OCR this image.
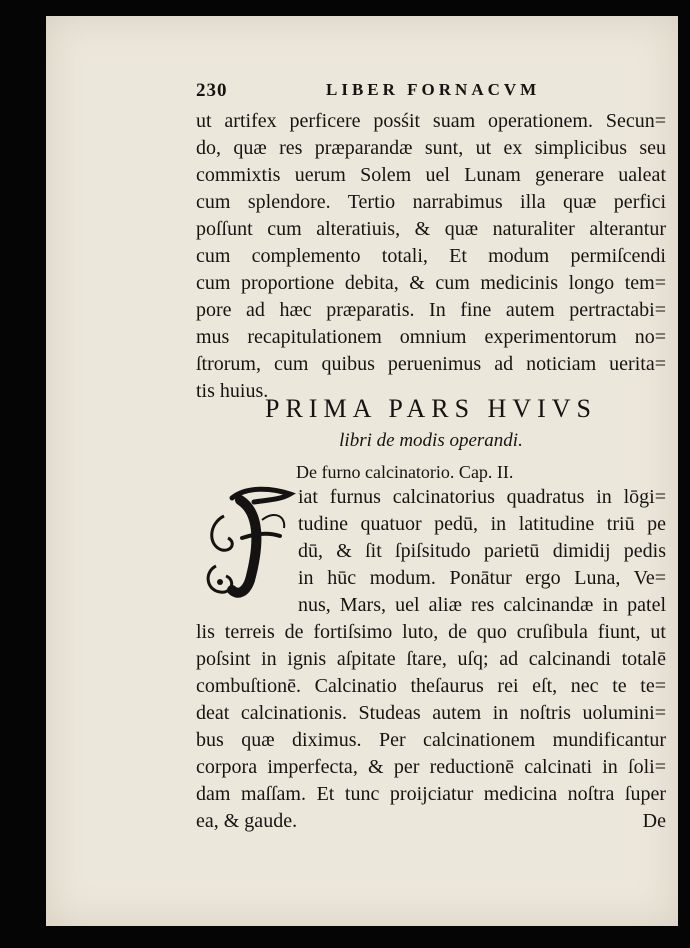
230	LIBER FORNACVM
ut artifex perficere posśit suam operationem. Secun=
do, quæ res præparandæ sunt, ut ex simplicibus seu
commixtis uerum Solem uel Lunam generare ualeat
cum splendore. Tertio narrabimus illa quæ perfici
poſſunt cum alteratiuis, & quæ naturaliter alterantur
cum complemento totali, Et modum permiſcendi
cum proportione debita, & cum medicinis longo tem=
pore ad hæc præparatis. In fine autem pertractabi=
mus recapitulationem omnium experimentorum no=
ſtrorum, cum quibus peruenimus ad noticiam uerita=
tis huius.
PRIMA PARS HVIVS
libri de modis operandi.
De furno calcinatorio. Cap. II.
iat furnus calcinatorius quadratus in lōgi=
tudine quatuor pedū, in latitudine triū pe
dū, & ſit ſpiſsitudo parietū dimidij pedis
in hūc modum. Ponātur ergo Luna, Ve=
nus, Mars, uel aliæ res calcinandæ in patel
lis terreis de fortiſsimo luto, de quo cruſibula fiunt, ut
poſsint in ignis aſpitate ſtare, uſq; ad calcinandi totalē
combuſtionē. Calcinatio theſaurus rei eſt, nec te te=
deat calcinationis. Studeas autem in noſtris uolumini=
bus quæ diximus. Per calcinationem mundificantur
corpora imperfecta, & per reductionē calcinati in ſoli=
dam maſſam. Et tunc proijciatur medicina noſtra ſuper
ea, & gaude.	De
